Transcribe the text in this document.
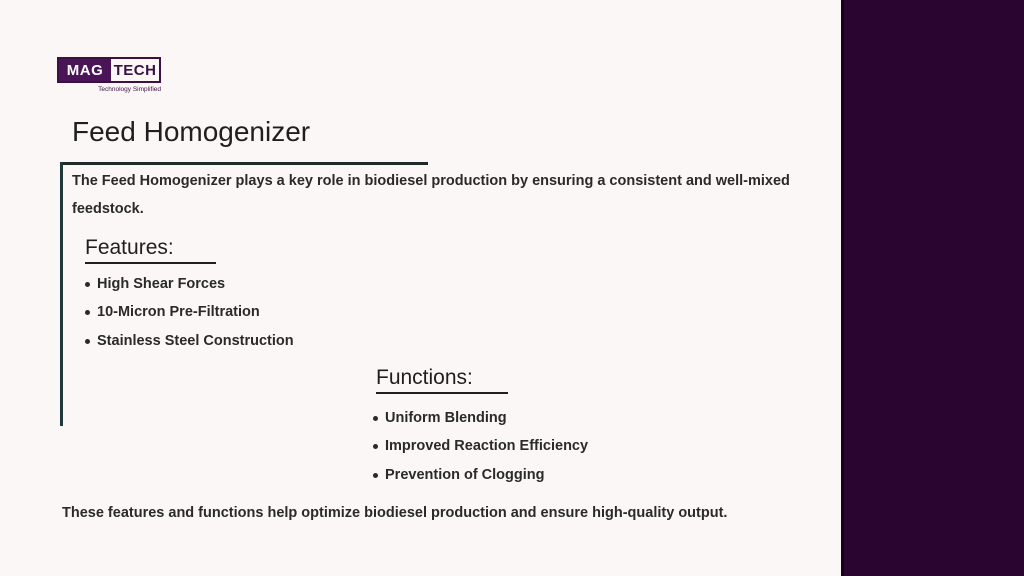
MAG TECH
Technology Simplified
Feed Homogenizer

The Feed Homogenizer plays a key role in biodiesel production by ensuring a consistent and well-mixed feedstock.

Features:
High Shear Forces
10-Micron Pre-Filtration
Stainless Steel Construction
Functions:
Uniform Blending
Improved Reaction Efficiency
Prevention of Clogging

These features and functions help optimize biodiesel production and ensure high-quality output.
